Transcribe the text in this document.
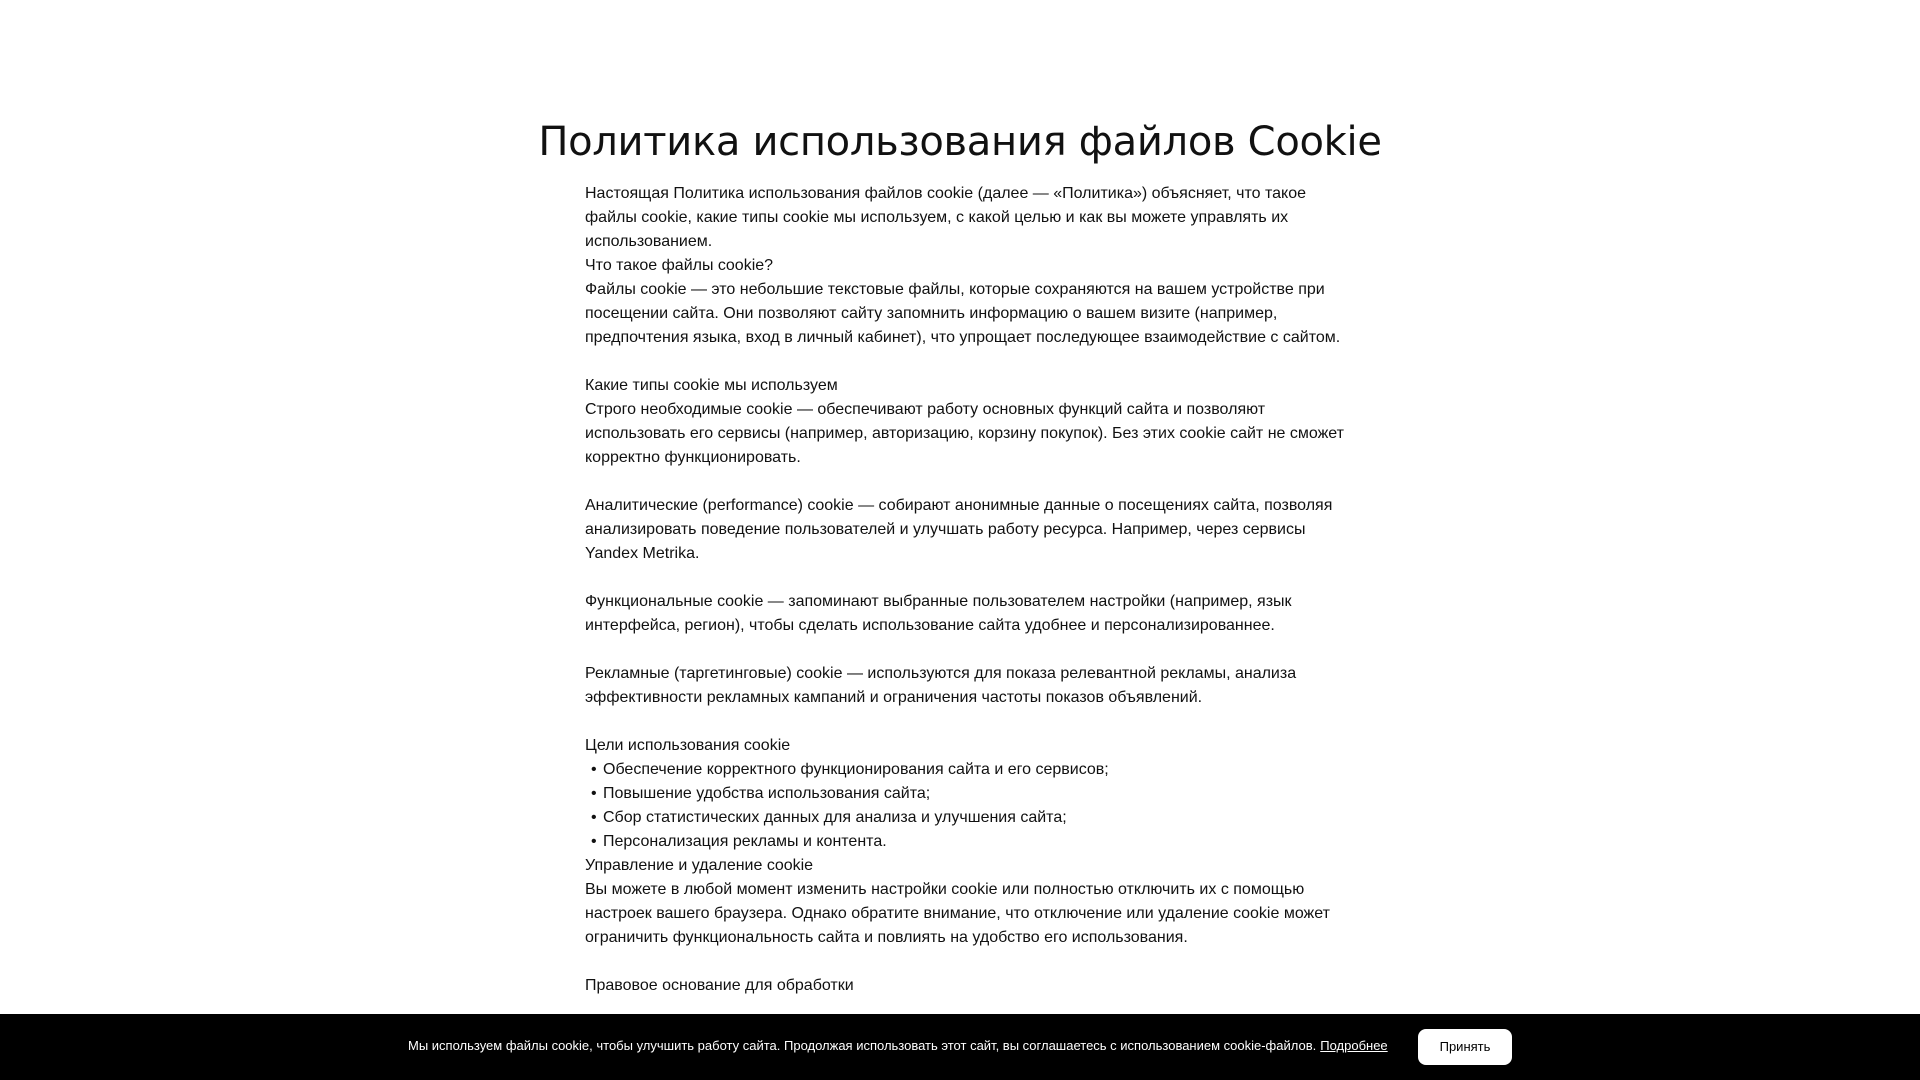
Политика использования файлов Cookie

Настоящая Политика использования файлов cookie (далее — «Политика») объясняет, что такое файлы cookie, какие типы cookie мы используем, с какой целью и как вы можете управлять их использованием.

Что такое файлы cookie?

Файлы cookie — это небольшие текстовые файлы, которые сохраняются на вашем устройстве при посещении сайта. Они позволяют сайту запомнить информацию о вашем визите (например, предпочтения языка, вход в личный кабинет), что упрощает последующее взаимодействие с сайтом.

Какие типы cookie мы используем

Строго необходимые cookie — обеспечивают работу основных функций сайта и позволяют использовать его сервисы (например, авторизацию, корзину покупок). Без этих cookie сайт не сможет корректно функционировать.

Аналитические (performance) cookie — собирают анонимные данные о посещениях сайта, позволяя анализировать поведение пользователей и улучшать работу ресурса. Например, через сервисы Yandex Metrika.

Функциональные cookie — запоминают выбранные пользователем настройки (например, язык интерфейса, регион), чтобы сделать использование сайта удобнее и персонализированнее.

Рекламные (таргетинговые) cookie — используются для показа релевантной рекламы, анализа эффективности рекламных кампаний и ограничения частоты показов объявлений.

Цели использования cookie

• Обеспечение корректного функционирования сайта и его сервисов;
• Повышение удобства использования сайта;
• Сбор статистических данных для анализа и улучшения сайта;
• Персонализация рекламы и контента.

Управление и удаление cookie

Вы можете в любой момент изменить настройки cookie или полностью отключить их с помощью настроек вашего браузера. Однако обратите внимание, что отключение или удаление cookie может ограничить функциональность сайта и повлиять на удобство его использования.

Правовое основание для обработки

Мы используем файлы cookie, чтобы улучшить работу сайта. Продолжая использовать этот сайт, вы соглашаетесь с использованием cookie-файлов. Подробнее	Принять
